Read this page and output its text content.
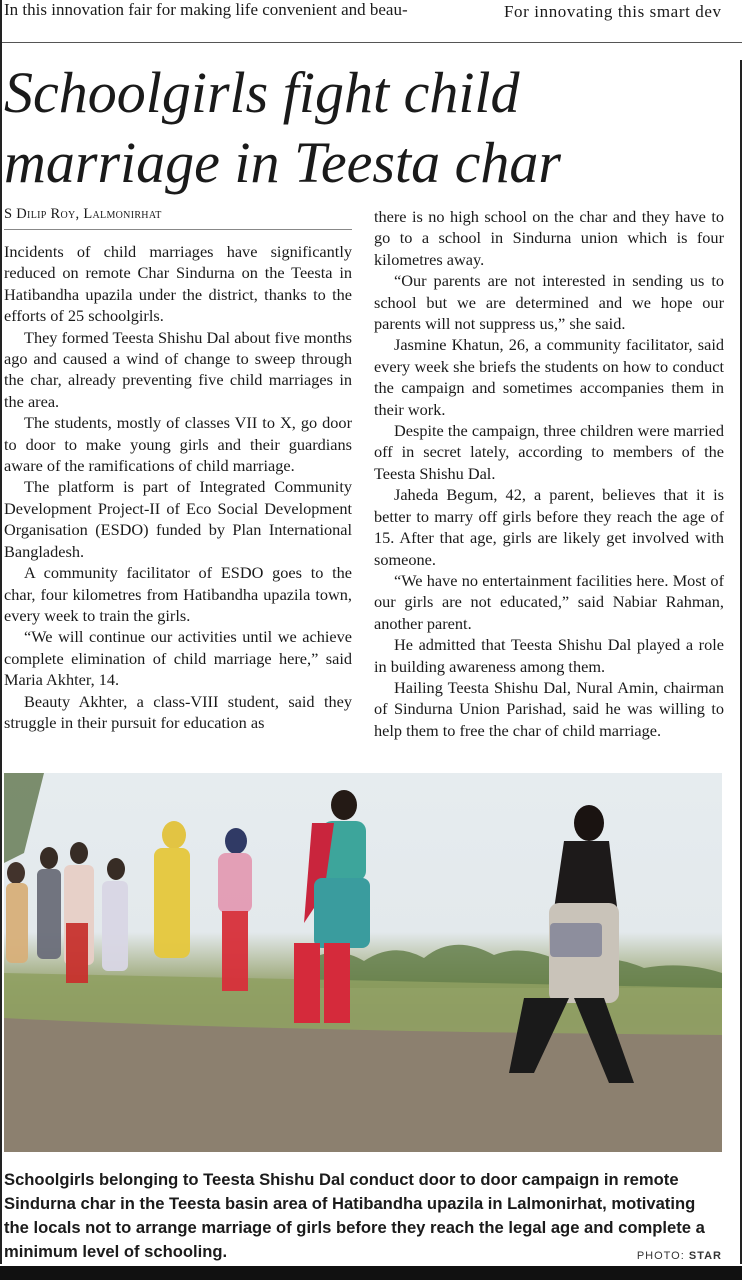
In this innovation fair for making life convenient and beau-	For innovating this smart dev
Schoolgirls fight child
marriage in Teesta char
S Dilip Roy, Lalmonirhat

Incidents of child marriages have significantly reduced on remote Char Sindurna on the Teesta in Hatibandha upazila under the district, thanks to the efforts of 25 schoolgirls.

They formed Teesta Shishu Dal about five months ago and caused a wind of change to sweep through the char, already preventing five child marriages in the area.

The students, mostly of classes VII to X, go door to door to make young girls and their guardians aware of the ramifications of child marriage.

The platform is part of Integrated Community Development Project-II of Eco Social Development Organisation (ESDO) funded by Plan International Bangladesh.

A community facilitator of ESDO goes to the char, four kilometres from Hatibandha upazila town, every week to train the girls.

“We will continue our activities until we achieve complete elimination of child marriage here,” said Maria Akhter, 14.

Beauty Akhter, a class-VIII student, said they struggle in their pursuit for education as

there is no high school on the char and they have to go to a school in Sindurna union which is four kilometres away.

“Our parents are not interested in sending us to school but we are determined and we hope our parents will not suppress us,” she said.

Jasmine Khatun, 26, a community facilitator, said every week she briefs the students on how to conduct the campaign and sometimes accompanies them in their work.

Despite the campaign, three children were married off in secret lately, according to members of the Teesta Shishu Dal.

Jaheda Begum, 42, a parent, believes that it is better to marry off girls before they reach the age of 15. After that age, girls are likely get involved with someone.

“We have no entertainment facilities here. Most of our girls are not educated,” said Nabiar Rahman, another parent.

He admitted that Teesta Shishu Dal played a role in building awareness among them.

Hailing Teesta Shishu Dal, Nural Amin, chairman of Sindurna Union Parishad, said he was willing to help them to free the char of child marriage.

Schoolgirls belonging to Teesta Shishu Dal conduct door to door campaign in remote Sindurna char in the Teesta basin area of Hatibandha upazila in Lalmonirhat, motivating the locals not to arrange marriage of girls before they reach the legal age and complete a minimum level of schooling.	PHOTO: STAR
